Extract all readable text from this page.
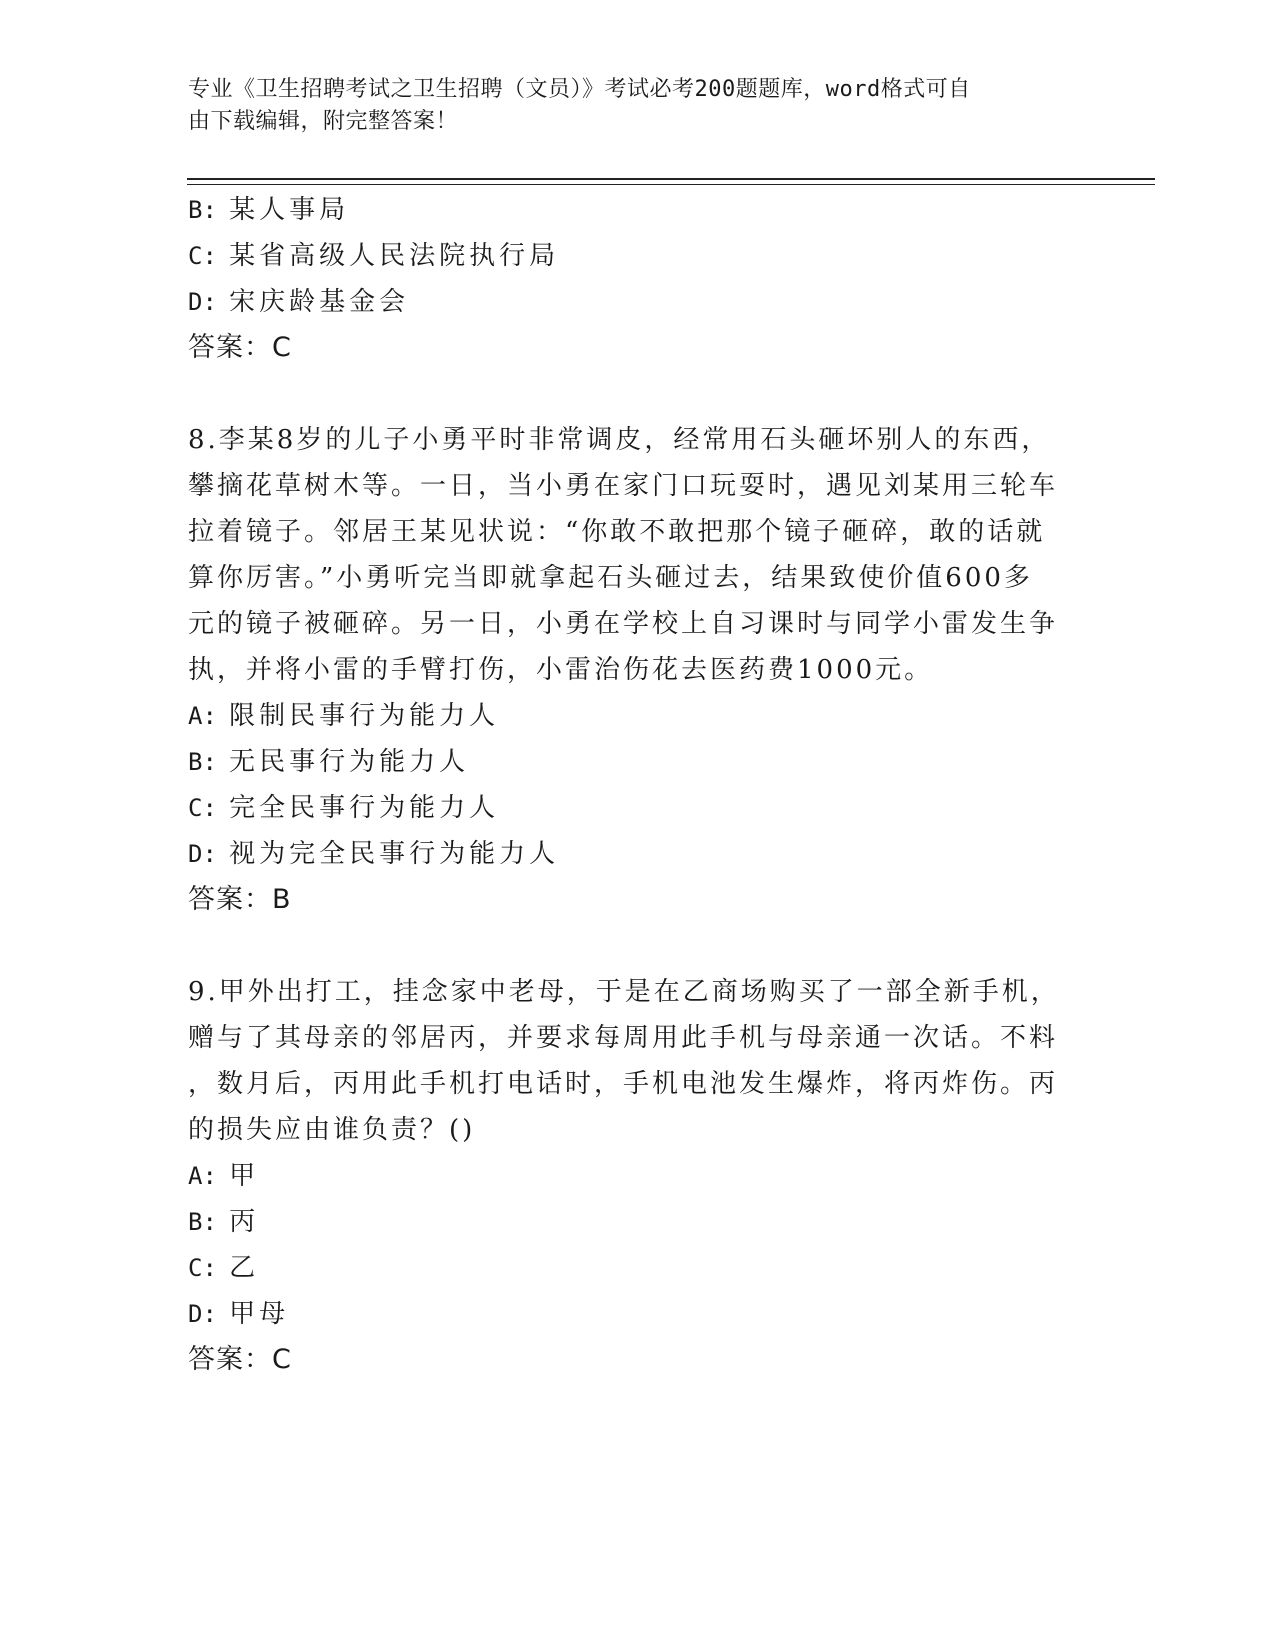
专业《卫生招聘考试之卫生招聘（文员）》考试必考200题题库，word格式可自
由下载编辑，附完整答案！
B: 某人事局
C: 某省高级人民法院执行局
D: 宋庆龄基金会
答案：C
8.李某8岁的儿子小勇平时非常调皮，经常用石头砸坏别人的东西，
攀摘花草树木等。一日，当小勇在家门口玩耍时，遇见刘某用三轮车
拉着镜子。邻居王某见状说：“你敢不敢把那个镜子砸碎，敢的话就
算你厉害。”小勇听完当即就拿起石头砸过去，结果致使价值600多
元的镜子被砸碎。另一日，小勇在学校上自习课时与同学小雷发生争
执，并将小雷的手臂打伤，小雷治伤花去医药费1000元。
A: 限制民事行为能力人
B: 无民事行为能力人
C: 完全民事行为能力人
D: 视为完全民事行为能力人
答案：B
9.甲外出打工，挂念家中老母，于是在乙商场购买了一部全新手机，
赠与了其母亲的邻居丙，并要求每周用此手机与母亲通一次话。不料
，数月后，丙用此手机打电话时，手机电池发生爆炸，将丙炸伤。丙
的损失应由谁负责？()
A: 甲
B: 丙
C: 乙
D: 甲母
答案：C
